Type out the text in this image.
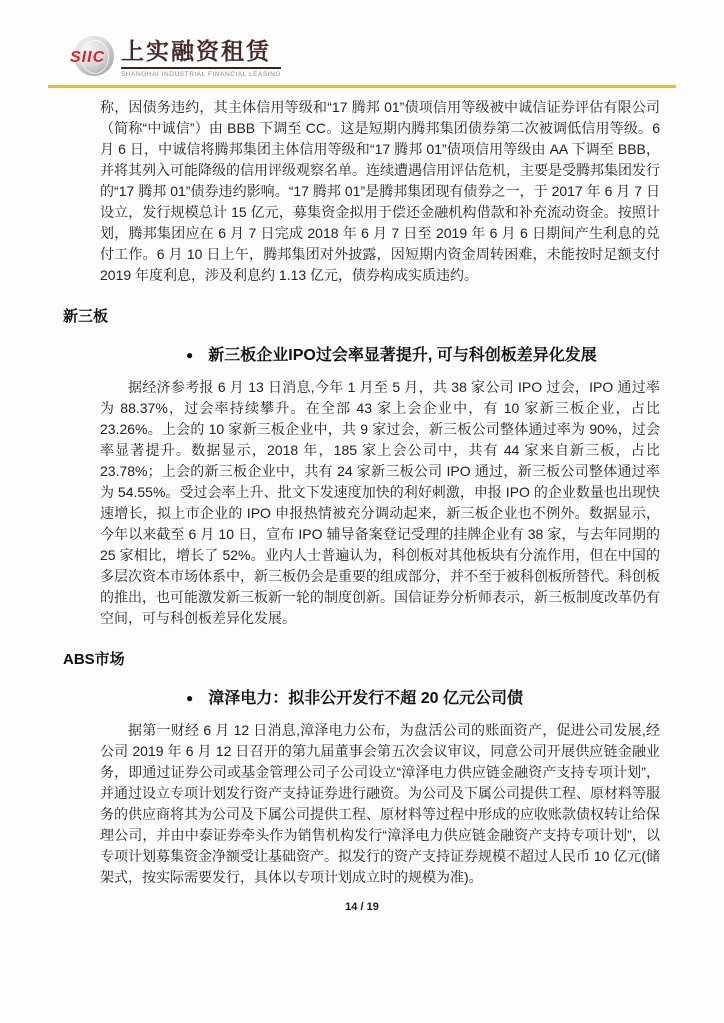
SIIC 上实融资租赁
SHANGHAI INDUSTRIAL FINANCIAL LEASING

称，因债务违约，其主体信用等级和“17 腾邦 01”债项信用等级被中诚信证券评估有限公司（简称“中诚信”）由 BBB 下调至 CC。这是短期内腾邦集团债券第二次被调低信用等级。6 月 6 日，中诚信将腾邦集团主体信用等级和“17 腾邦 01”债项信用等级由 AA 下调至 BBB，并将其列入可能降级的信用评级观察名单。连续遭遇信用评估危机，主要是受腾邦集团发行的“17 腾邦 01”债券违约影响。“17 腾邦 01”是腾邦集团现有债券之一，于 2017 年 6 月 7 日设立，发行规模总计 15 亿元，募集资金拟用于偿还金融机构借款和补充流动资金。按照计划，腾邦集团应在 6 月 7 日完成 2018 年 6 月 7 日至 2019 年 6 月 6 日期间产生利息的兑付工作。6 月 10 日上午，腾邦集团对外披露，因短期内资金周转困难，未能按时足额支付 2019 年度利息，涉及利息约 1.13 亿元，债券构成实质违约。

新三板
● 新三板企业IPO过会率显著提升, 可与科创板差异化发展

据经济参考报 6 月 13 日消息,今年 1 月至 5 月，共 38 家公司 IPO 过会，IPO 通过率为 88.37%，过会率持续攀升。在全部 43 家上会企业中，有 10 家新三板企业，占比 23.26%。上会的 10 家新三板企业中，共 9 家过会，新三板公司整体通过率为 90%，过会率显著提升。数据显示，2018 年，185 家上会公司中，共有 44 家来自新三板，占比 23.78%；上会的新三板企业中，共有 24 家新三板公司 IPO 通过，新三板公司整体通过率为 54.55%。受过会率上升、批文下发速度加快的利好刺激，申报 IPO 的企业数量也出现快速增长，拟上市企业的 IPO 申报热情被充分调动起来，新三板企业也不例外。数据显示，今年以来截至 6 月 10 日，宣布 IPO 辅导备案登记受理的挂牌企业有 38 家，与去年同期的 25 家相比，增长了 52%。业内人士普遍认为，科创板对其他板块有分流作用，但在中国的多层次资本市场体系中，新三板仍会是重要的组成部分，并不至于被科创板所替代。科创板的推出，也可能激发新三板新一轮的制度创新。国信证券分析师表示，新三板制度改革仍有空间，可与科创板差异化发展。

ABS市场
● 漳泽电力：拟非公开发行不超 20 亿元公司债

据第一财经 6 月 12 日消息,漳泽电力公布，为盘活公司的账面资产，促进公司发展,经公司 2019 年 6 月 12 日召开的第九届董事会第五次会议审议，同意公司开展供应链金融业务，即通过证券公司或基金管理公司子公司设立“漳泽电力供应链金融资产支持专项计划”，并通过设立专项计划发行资产支持证券进行融资。为公司及下属公司提供工程、原材料等服务的供应商将其为公司及下属公司提供工程、原材料等过程中形成的应收账款债权转让给保理公司，并由中泰证券牵头作为销售机构发行“漳泽电力供应链金融资产支持专项计划”，以专项计划募集资金净额受让基础资产。拟发行的资产支持证券规模不超过人民币 10 亿元(储架式，按实际需要发行，具体以专项计划成立时的规模为准)。

14 / 19
